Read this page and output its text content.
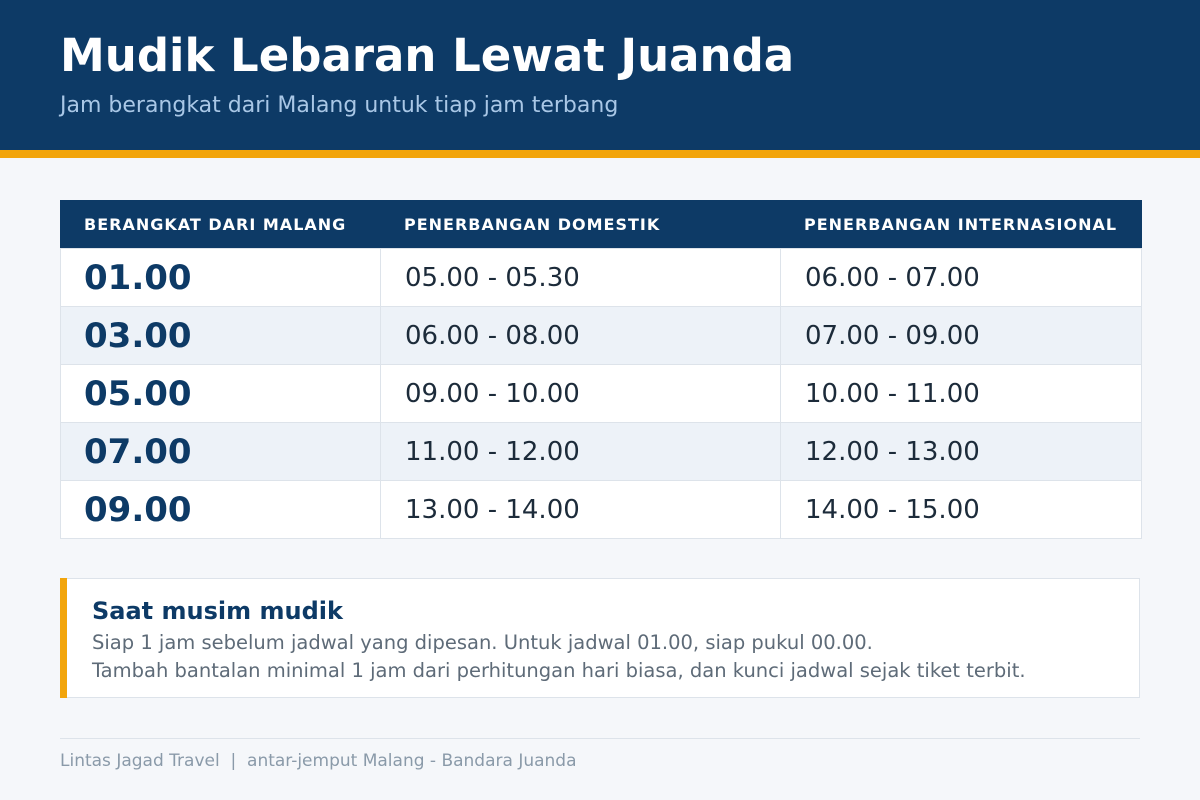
Mudik Lebaran Lewat Juanda
Jam berangkat dari Malang untuk tiap jam terbang
BERANGKAT DARI MALANG	PENERBANGAN DOMESTIK	PENERBANGAN INTERNASIONAL
01.00	05.00 - 05.30	06.00 - 07.00
03.00	06.00 - 08.00	07.00 - 09.00
05.00	09.00 - 10.00	10.00 - 11.00
07.00	11.00 - 12.00	12.00 - 13.00
09.00	13.00 - 14.00	14.00 - 15.00
Saat musim mudik
Siap 1 jam sebelum jadwal yang dipesan. Untuk jadwal 01.00, siap pukul 00.00.
Tambah bantalan minimal 1 jam dari perhitungan hari biasa, dan kunci jadwal sejak tiket terbit.
Lintas Jagad Travel  |  antar-jemput Malang - Bandara Juanda
